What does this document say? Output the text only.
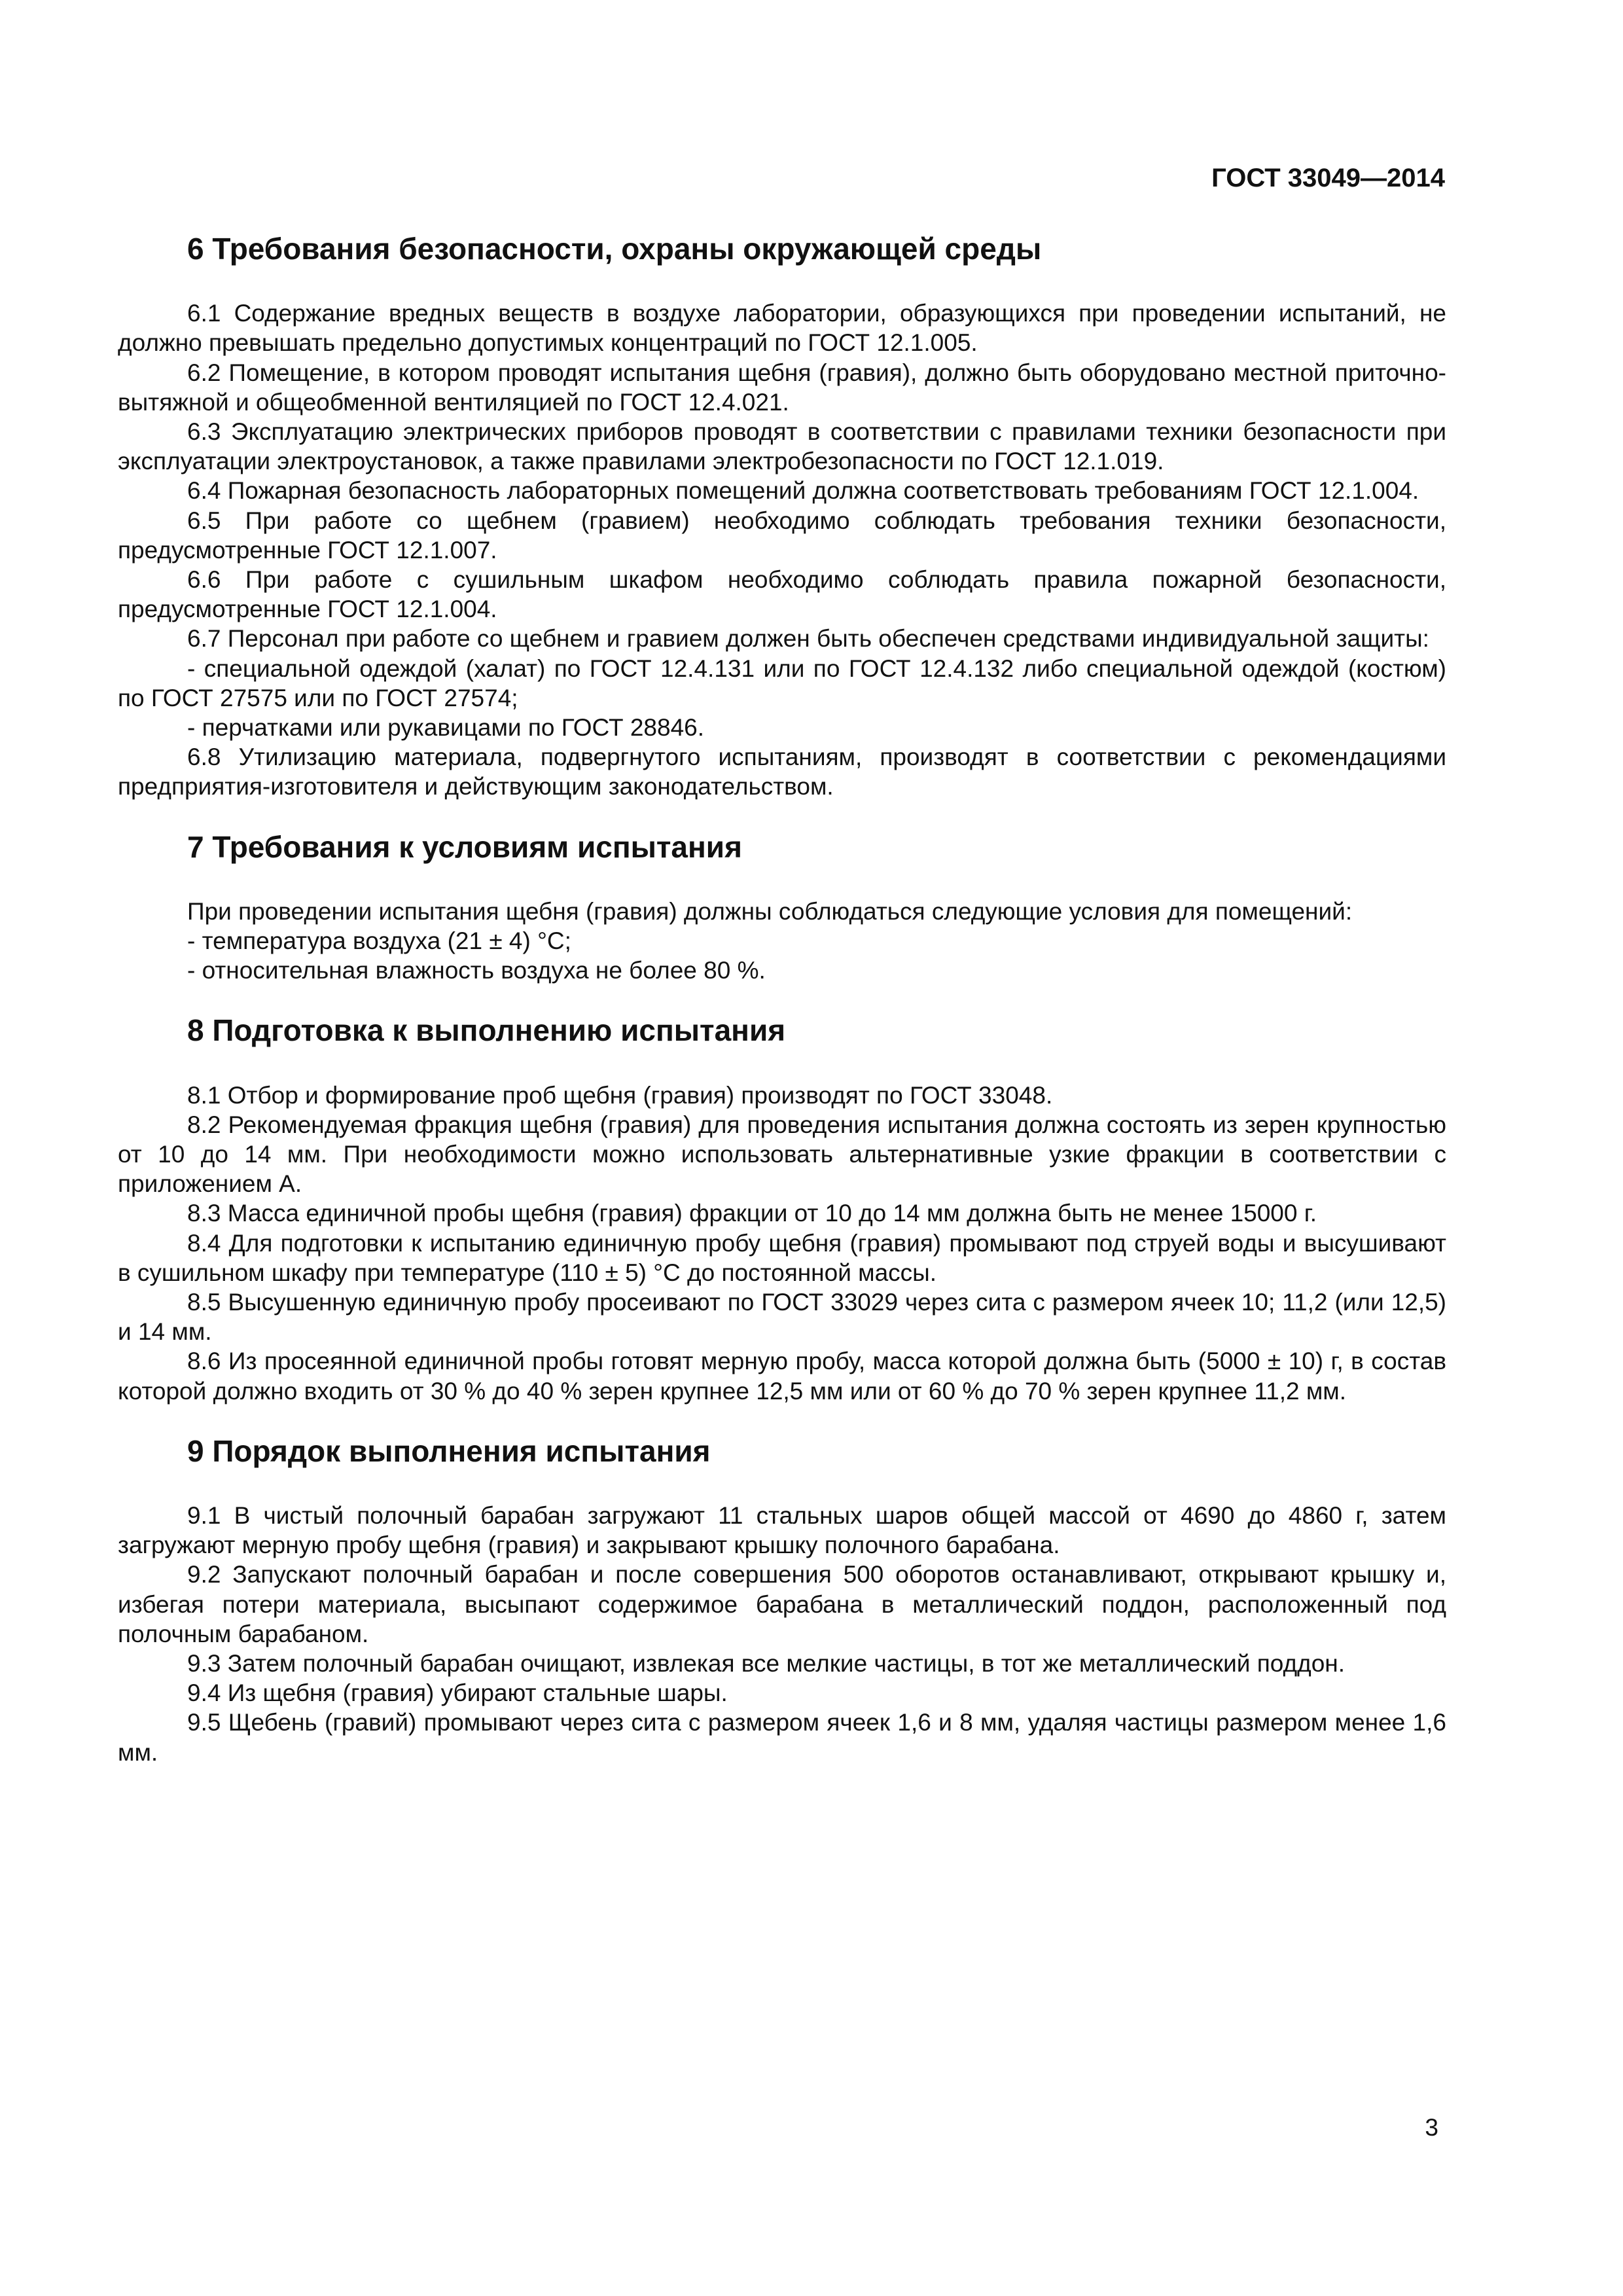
ГОСТ 33049—2014
6 Требования безопасности, охраны окружающей среды

6.1 Содержание вредных веществ в воздухе лаборатории, образующихся при проведении испытаний, не должно превышать предельно допустимых концентраций по ГОСТ 12.1.005.

6.2 Помещение, в котором проводят испытания щебня (гравия), должно быть оборудовано местной приточно-вытяжной и общеобменной вентиляцией по ГОСТ 12.4.021.

6.3 Эксплуатацию электрических приборов проводят в соответствии с правилами техники безопасности при эксплуатации электроустановок, а также правилами электробезопасности по ГОСТ 12.1.019.

6.4 Пожарная безопасность лабораторных помещений должна соответствовать требованиям ГОСТ 12.1.004.

6.5 При работе со щебнем (гравием) необходимо соблюдать требования техники безопасности, предусмотренные ГОСТ 12.1.007.

6.6 При работе с сушильным шкафом необходимо соблюдать правила пожарной безопасности, предусмотренные ГОСТ 12.1.004.

6.7 Персонал при работе со щебнем и гравием должен быть обеспечен средствами индивидуальной защиты:

- специальной одеждой (халат) по ГОСТ 12.4.131 или по ГОСТ 12.4.132 либо специальной одеждой (костюм) по ГОСТ 27575 или по ГОСТ 27574;

- перчатками или рукавицами по ГОСТ 28846.

6.8 Утилизацию материала, подвергнутого испытаниям, производят в соответствии с рекомендациями предприятия-изготовителя и действующим законодательством.

7 Требования к условиям испытания

При проведении испытания щебня (гравия) должны соблюдаться следующие условия для помещений:

- температура воздуха (21 ± 4) °С;

- относительная влажность воздуха не более 80 %.

8 Подготовка к выполнению испытания

8.1 Отбор и формирование проб щебня (гравия) производят по ГОСТ 33048.

8.2 Рекомендуемая фракция щебня (гравия) для проведения испытания должна состоять из зерен крупностью от 10 до 14 мм. При необходимости можно использовать альтернативные узкие фракции в соответствии с приложением А.

8.3 Масса единичной пробы щебня (гравия) фракции от 10 до 14 мм должна быть не менее 15000 г.

8.4 Для подготовки к испытанию единичную пробу щебня (гравия) промывают под струей воды и высушивают в сушильном шкафу при температуре (110 ± 5) °С до постоянной массы.

8.5 Высушенную единичную пробу просеивают по ГОСТ 33029 через сита с размером ячеек 10; 11,2 (или 12,5) и 14 мм.

8.6 Из просеянной единичной пробы готовят мерную пробу, масса которой должна быть (5000 ± 10) г, в состав которой должно входить от 30 % до 40 % зерен крупнее 12,5 мм или от 60 % до 70 % зерен крупнее 11,2 мм.

9 Порядок выполнения испытания

9.1 В чистый полочный барабан загружают 11 стальных шаров общей массой от 4690 до 4860 г, затем загружают мерную пробу щебня (гравия) и закрывают крышку полочного барабана.

9.2 Запускают полочный барабан и после совершения 500 оборотов останавливают, открывают крышку и, избегая потери материала, высыпают содержимое барабана в металлический поддон, расположенный под полочным барабаном.

9.3 Затем полочный барабан очищают, извлекая все мелкие частицы, в тот же металлический поддон.

9.4 Из щебня (гравия) убирают стальные шары.

9.5 Щебень (гравий) промывают через сита с размером ячеек 1,6 и 8 мм, удаляя частицы размером менее 1,6 мм.

3
